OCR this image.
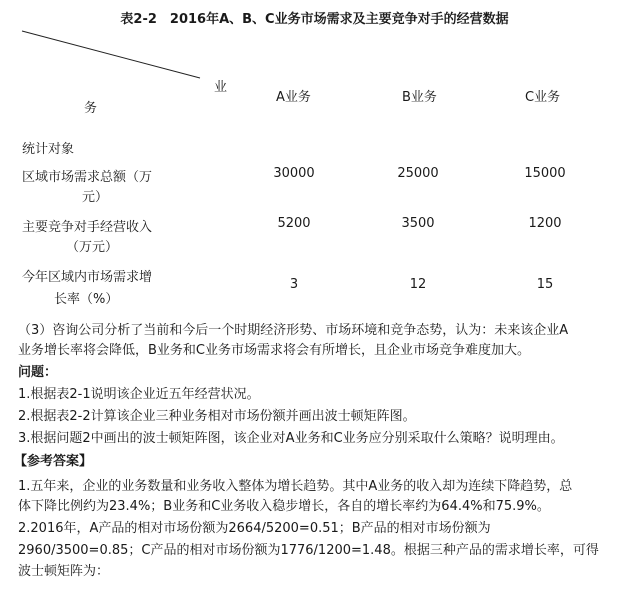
表2-2　2016年A、B、C业务市场需求及主要竞争对手的经营数据
业
务
A业务	B业务	C业务
统计对象
区域市场需求总额（万
元）
30000	25000	15000
主要竞争对手经营收入
（万元）
5200	3500	1200
今年区域内市场需求增
长率（%）
3	12	15
（3）咨询公司分析了当前和今后一个时期经济形势、市场环境和竞争态势，认为：未来该企业A
业务增长率将会降低，B业务和C业务市场需求将会有所增长，且企业市场竞争难度加大。
问题：
1.根据表2-1说明该企业近五年经营状况。
2.根据表2-2计算该企业三种业务相对市场份额并画出波士顿矩阵图。
3.根据问题2中画出的波士顿矩阵图，该企业对A业务和C业务应分别采取什么策略？说明理由。
【参考答案】
1.五年来，企业的业务数量和业务收入整体为增长趋势。其中A业务的收入却为连续下降趋势，总
体下降比例约为23.4%；B业务和C业务收入稳步增长，各自的增长率约为64.4%和75.9%。
2.2016年，A产品的相对市场份额为2664/5200=0.51；B产品的相对市场份额为
2960/3500=0.85；C产品的相对市场份额为1776/1200=1.48。根据三种产品的需求增长率，可得
波士顿矩阵为：
